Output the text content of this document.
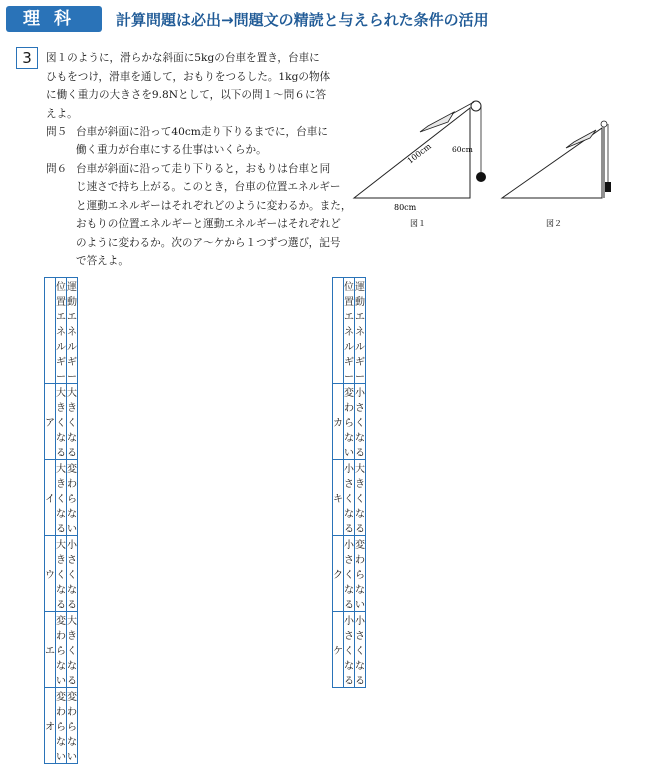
理科	計算問題は必出→問題文の精読と与えられた条件の活用
3	図１のように，滑らかな斜面に5kgの台車を置き，台車に
ひもをつけ，滑車を通して，おもりをつるした。1kgの物体
に働く重力の大きさを9.8Nとして，以下の問１～問６に答
えよ。
問５ 台車が斜面に沿って40cm走り下りるまでに，台車に
働く重力が台車にする仕事はいくらか。
問６ 台車が斜面に沿って走り下りると，おもりは台車と同
じ速さで持ち上がる。このとき，台車の位置エネルギー
と運動エネルギーはそれぞれどのように変わるか。また，
おもりの位置エネルギーと運動エネルギーはそれぞれど
のように変わるか。次のア～ケから１つずつ選び，記号
で答えよ。
100cm	60cm
80cm
図１	図２
	位置エネルギー	運動エネルギー
ア	大きくなる	大きくなる
イ	大きくなる	変わらない
ウ	大きくなる	小さくなる
エ	変わらない	大きくなる
オ	変わらない	変わらない
	位置エネルギー	運動エネルギー
カ	変わらない	小さくなる
キ	小さくなる	大きくなる
ク	小さくなる	変わらない
ケ	小さくなる	小さくなる
